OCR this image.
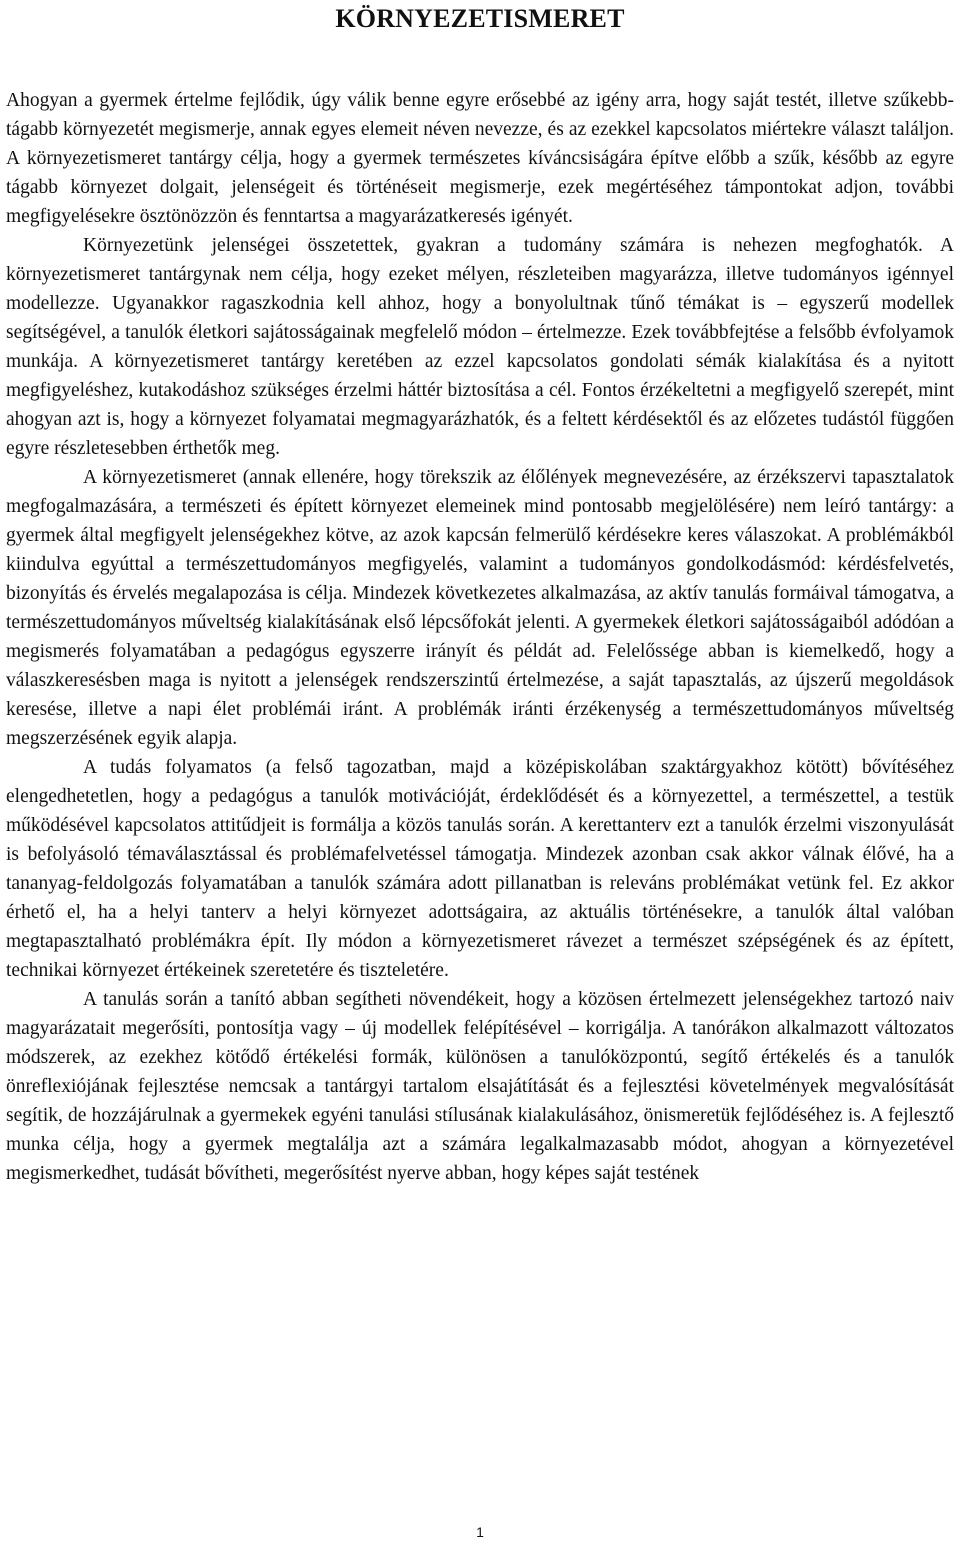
KÖRNYEZETISMERET

Ahogyan a gyermek értelme fejlődik, úgy válik benne egyre erősebbé az igény arra, hogy saját testét, illetve szűkebb-tágabb környezetét megismerje, annak egyes elemeit néven nevezze, és az ezekkel kapcsolatos miértekre választ találjon. A környezetismeret tantárgy célja, hogy a gyermek természetes kíváncsiságára építve előbb a szűk, később az egyre tágabb környezet dolgait, jelenségeit és történéseit megismerje, ezek megértéséhez támpontokat adjon, további megfigyelésekre ösztönözzön és fenntartsa a magyarázatkeresés igényét.

Környezetünk jelenségei összetettek, gyakran a tudomány számára is nehezen megfoghatók. A környezetismeret tantárgynak nem célja, hogy ezeket mélyen, részleteiben magyarázza, illetve tudományos igénnyel modellezze. Ugyanakkor ragaszkodnia kell ahhoz, hogy a bonyolultnak tűnő témákat is – egyszerű modellek segítségével, a tanulók életkori sajátosságainak megfelelő módon – értelmezze. Ezek továbbfejtése a felsőbb évfolyamok munkája. A környezetismeret tantárgy keretében az ezzel kapcsolatos gondolati sémák kialakítása és a nyitott megfigyeléshez, kutakodáshoz szükséges érzelmi háttér biztosítása a cél. Fontos érzékeltetni a megfigyelő szerepét, mint ahogyan azt is, hogy a környezet folyamatai megmagyarázhatók, és a feltett kérdésektől és az előzetes tudástól függően egyre részletesebben érthetők meg.

A környezetismeret (annak ellenére, hogy törekszik az élőlények megnevezésére, az érzékszervi tapasztalatok megfogalmazására, a természeti és épített környezet elemeinek mind pontosabb megjelölésére) nem leíró tantárgy: a gyermek által megfigyelt jelenségekhez kötve, az azok kapcsán felmerülő kérdésekre keres válaszokat. A problémákból kiindulva egyúttal a természettudományos megfigyelés, valamint a tudományos gondolkodásmód: kérdésfelvetés, bizonyítás és érvelés megalapozása is célja. Mindezek következetes alkalmazása, az aktív tanulás formáival támogatva, a természettudományos műveltség kialakításának első lépcsőfokát jelenti. A gyermekek életkori sajátosságaiból adódóan a megismerés folyamatában a pedagógus egyszerre irányít és példát ad. Felelőssége abban is kiemelkedő, hogy a válaszkeresésben maga is nyitott a jelenségek rendszerszintű értelmezése, a saját tapasztalás, az újszerű megoldások keresése, illetve a napi élet problémái iránt. A problémák iránti érzékenység a természettudományos műveltség megszerzésének egyik alapja.

A tudás folyamatos (a felső tagozatban, majd a középiskolában szaktárgyakhoz kötött) bővítéséhez elengedhetetlen, hogy a pedagógus a tanulók motivációját, érdeklődését és a környezettel, a természettel, a testük működésével kapcsolatos attitűdjeit is formálja a közös tanulás során. A kerettanterv ezt a tanulók érzelmi viszonyulását is befolyásoló témaválasztással és problémafelvetéssel támogatja. Mindezek azonban csak akkor válnak élővé, ha a tananyag-feldolgozás folyamatában a tanulók számára adott pillanatban is releváns problémákat vetünk fel. Ez akkor érhető el, ha a helyi tanterv a helyi környezet adottságaira, az aktuális történésekre, a tanulók által valóban megtapasztalható problémákra épít. Ily módon a környezetismeret rávezet a természet szépségének és az épített, technikai környezet értékeinek szeretetére és tiszteletére.

A tanulás során a tanító abban segítheti növendékeit, hogy a közösen értelmezett jelenségekhez tartozó naiv magyarázatait megerősíti, pontosítja vagy – új modellek felépítésével – korrigálja. A tanórákon alkalmazott változatos módszerek, az ezekhez kötődő értékelési formák, különösen a tanulóközpontú, segítő értékelés és a tanulók önreflexiójának fejlesztése nemcsak a tantárgyi tartalom elsajátítását és a fejlesztési követelmények megvalósítását segítik, de hozzájárulnak a gyermekek egyéni tanulási stílusának kialakulásához, önismeretük fejlődéséhez is. A fejlesztő munka célja, hogy a gyermek megtalálja azt a számára legalkalmazasabb módot, ahogyan a környezetével megismerkedhet, tudását bővítheti, megerősítést nyerve abban, hogy képes saját testének

1
